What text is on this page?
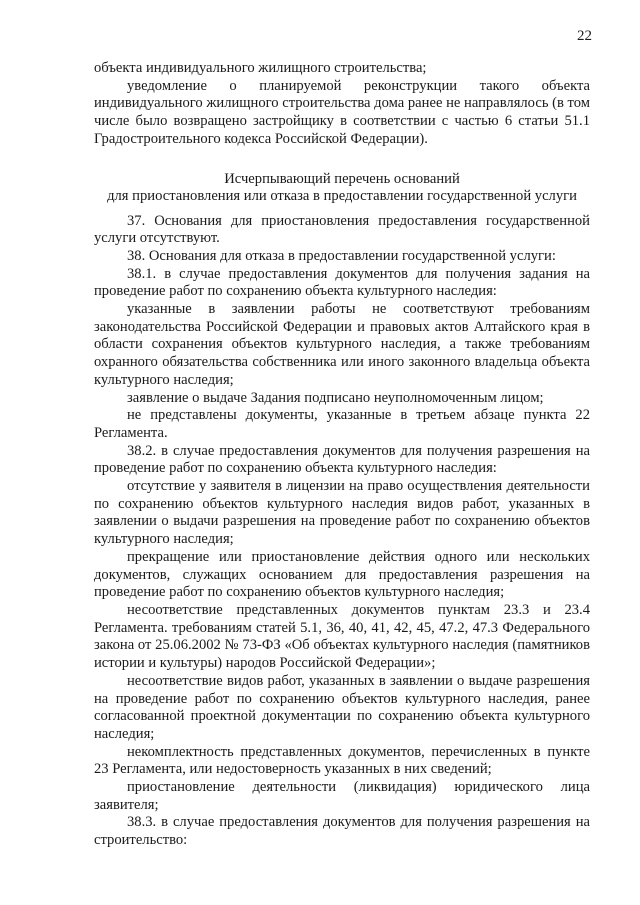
22

объекта индивидуального жилищного строительства;

уведомление о планируемой реконструкции такого объекта индивидуального жилищного строительства дома ранее не направлялось (в том числе было возвращено застройщику в соответствии с частью 6 статьи 51.1 Градостроительного кодекса Российской Федерации).

Исчерпывающий перечень оснований
для приостановления или отказа в предоставлении государственной услуги

37. Основания для приостановления предоставления государственной услуги отсутствуют.

38. Основания для отказа в предоставлении государственной услуги:

38.1. в случае предоставления документов для получения задания на проведение работ по сохранению объекта культурного наследия:

указанные в заявлении работы не соответствуют требованиям законодательства Российской Федерации и правовых актов Алтайского края в области сохранения объектов культурного наследия, а также требованиям охранного обязательства собственника или иного законного владельца объекта культурного наследия;

заявление о выдаче Задания подписано неуполномоченным лицом;

не представлены документы, указанные в третьем абзаце пункта 22 Регламента.

38.2. в случае предоставления документов для получения разрешения на проведение работ по сохранению объекта культурного наследия:

отсутствие у заявителя в лицензии на право осуществления деятельности по сохранению объектов культурного наследия видов работ, указанных в заявлении о выдачи разрешения на проведение работ по сохранению объектов культурного наследия;

прекращение или приостановление действия одного или нескольких документов, служащих основанием для предоставления разрешения на проведение работ по сохранению объектов культурного наследия;

несоответствие представленных документов пунктам 23.3 и 23.4 Регламента. требованиям статей 5.1, 36, 40, 41, 42, 45, 47.2, 47.3 Федерального закона от 25.06.2002 № 73-ФЗ «Об объектах культурного наследия (памятников истории и культуры) народов Российской Федерации»;

несоответствие видов работ, указанных в заявлении о выдаче разрешения на проведение работ по сохранению объектов культурного наследия, ранее согласованной проектной документации по сохранению объекта культурного наследия;

некомплектность представленных документов, перечисленных в пункте 23 Регламента, или недостоверность указанных в них сведений;

приостановление деятельности (ликвидация) юридического лица заявителя;

38.3. в случае предоставления документов для получения разрешения на строительство:
